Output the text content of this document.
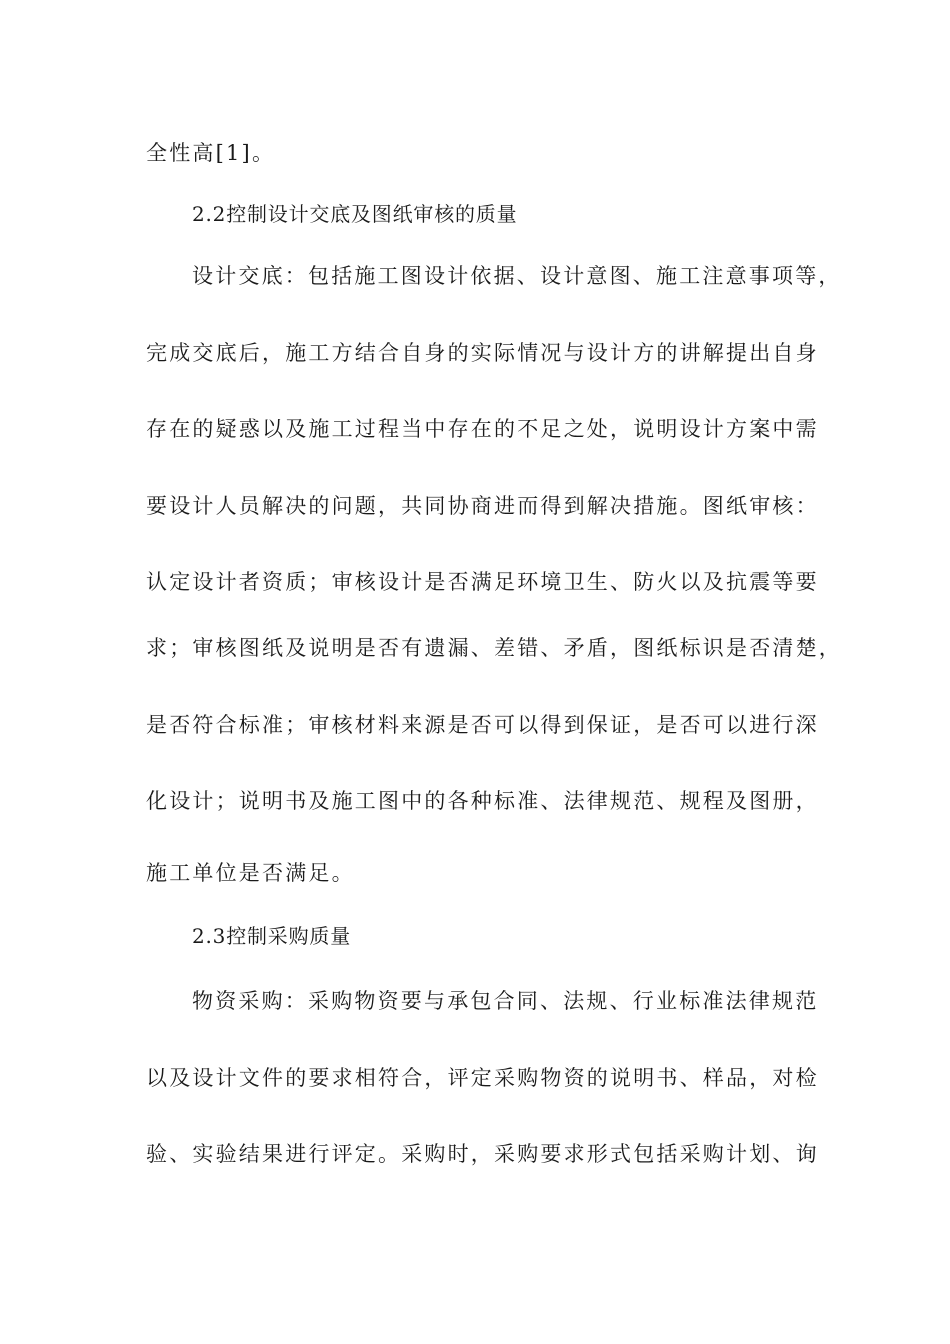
全性高[1]。
2.2控制设计交底及图纸审核的质量
设计交底：包括施工图设计依据、设计意图、施工注意事项等，
完成交底后，施工方结合自身的实际情况与设计方的讲解提出自身
存在的疑惑以及施工过程当中存在的不足之处，说明设计方案中需
要设计人员解决的问题，共同协商进而得到解决措施。图纸审核：
认定设计者资质；审核设计是否满足环境卫生、防火以及抗震等要
求；审核图纸及说明是否有遗漏、差错、矛盾，图纸标识是否清楚，
是否符合标准；审核材料来源是否可以得到保证，是否可以进行深
化设计；说明书及施工图中的各种标准、法律规范、规程及图册，
施工单位是否满足。
2.3控制采购质量
物资采购：采购物资要与承包合同、法规、行业标准法律规范
以及设计文件的要求相符合，评定采购物资的说明书、样品，对检
验、实验结果进行评定。采购时，采购要求形式包括采购计划、询
